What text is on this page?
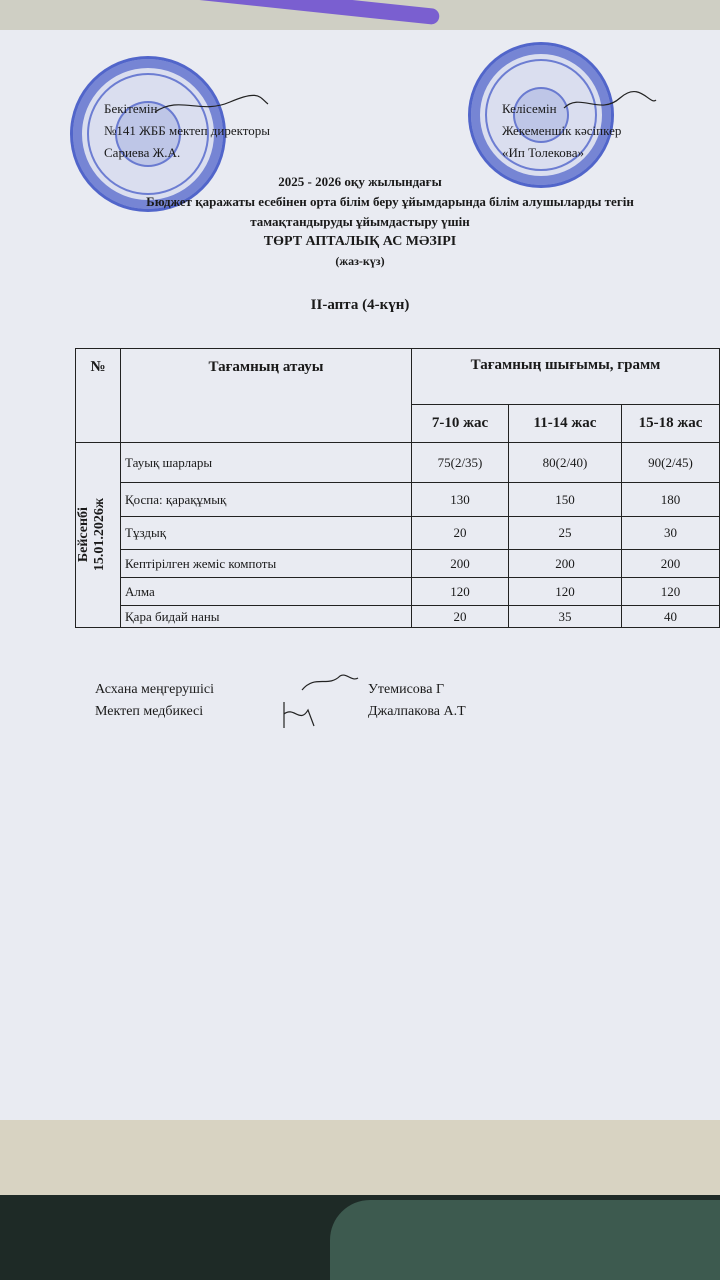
Бекітемін
№141 ЖББ мектеп директоры
Сариева Ж.А.
Келісемін
Жекеменшік кәсіпкер
«Ип Толекова»
2025 - 2026 оқу жылындағы
Бюджет қаражаты есебінен орта білім беру ұйымдарында білім алушыларды тегін
тамақтандыруды ұйымдастыру үшін
ТӨРТ АПТАЛЫҚ АС МӘЗІРІ
(жаз-күз)
II-апта (4-күн)
Асхана меңгерушісі	Утемисова Г
Мектеп медбикесі	Джалпакова А.Т
№	Тағамның атауы	Тағамның шығымы, грамм		
		7-10 жас	11-14 жас	15-18 жас

Бейсенбі
15.01.2026ж	Тауық шарлары	75(2/35)	80(2/40)	90(2/45)
	Қоспа: қарақұмық	130	150	180
	Тұздық	20	25	30
	Кептірілген жеміс компоты	200	200	200
	Алма	120	120	120
	Қара бидай наны	20	35	40
